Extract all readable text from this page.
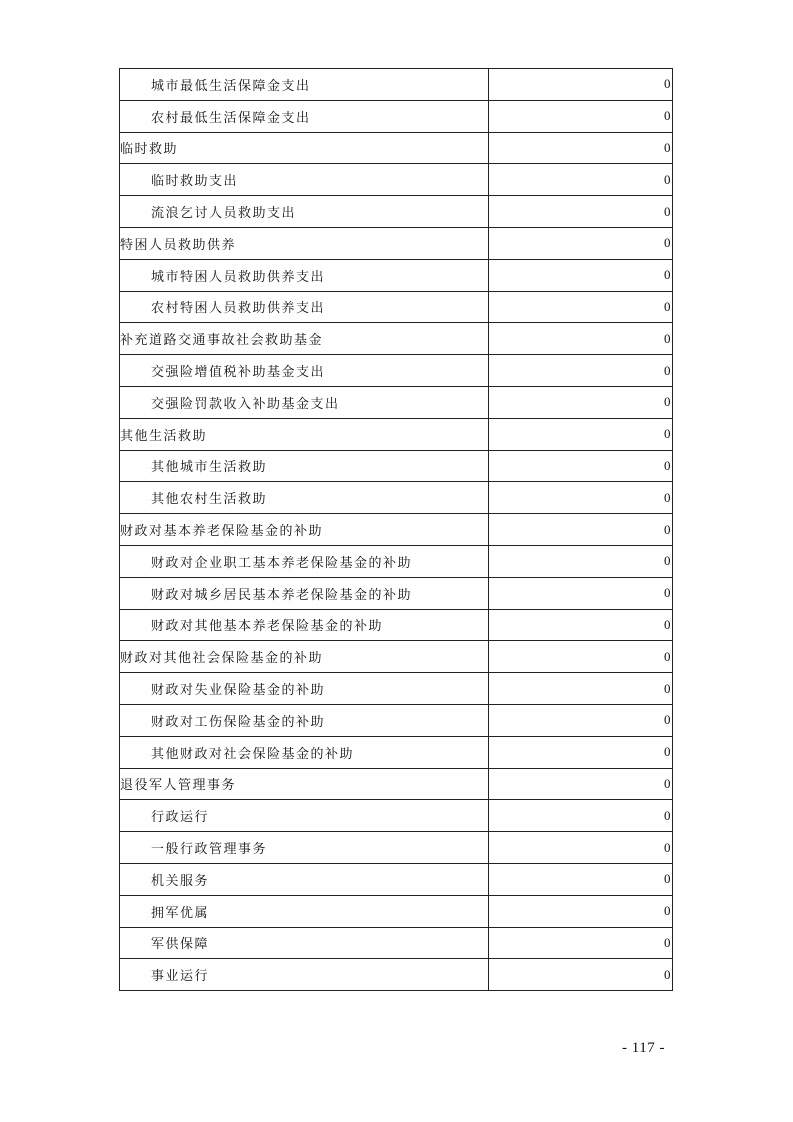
城市最低生活保障金支出	0
农村最低生活保障金支出	0
临时救助	0
临时救助支出	0
流浪乞讨人员救助支出	0
特困人员救助供养	0
城市特困人员救助供养支出	0
农村特困人员救助供养支出	0
补充道路交通事故社会救助基金	0
交强险增值税补助基金支出	0
交强险罚款收入补助基金支出	0
其他生活救助	0
其他城市生活救助	0
其他农村生活救助	0
财政对基本养老保险基金的补助	0
财政对企业职工基本养老保险基金的补助	0
财政对城乡居民基本养老保险基金的补助	0
财政对其他基本养老保险基金的补助	0
财政对其他社会保险基金的补助	0
财政对失业保险基金的补助	0
财政对工伤保险基金的补助	0
其他财政对社会保险基金的补助	0
退役军人管理事务	0
行政运行	0
一般行政管理事务	0
机关服务	0
拥军优属	0
军供保障	0
事业运行	0
- 117 -
